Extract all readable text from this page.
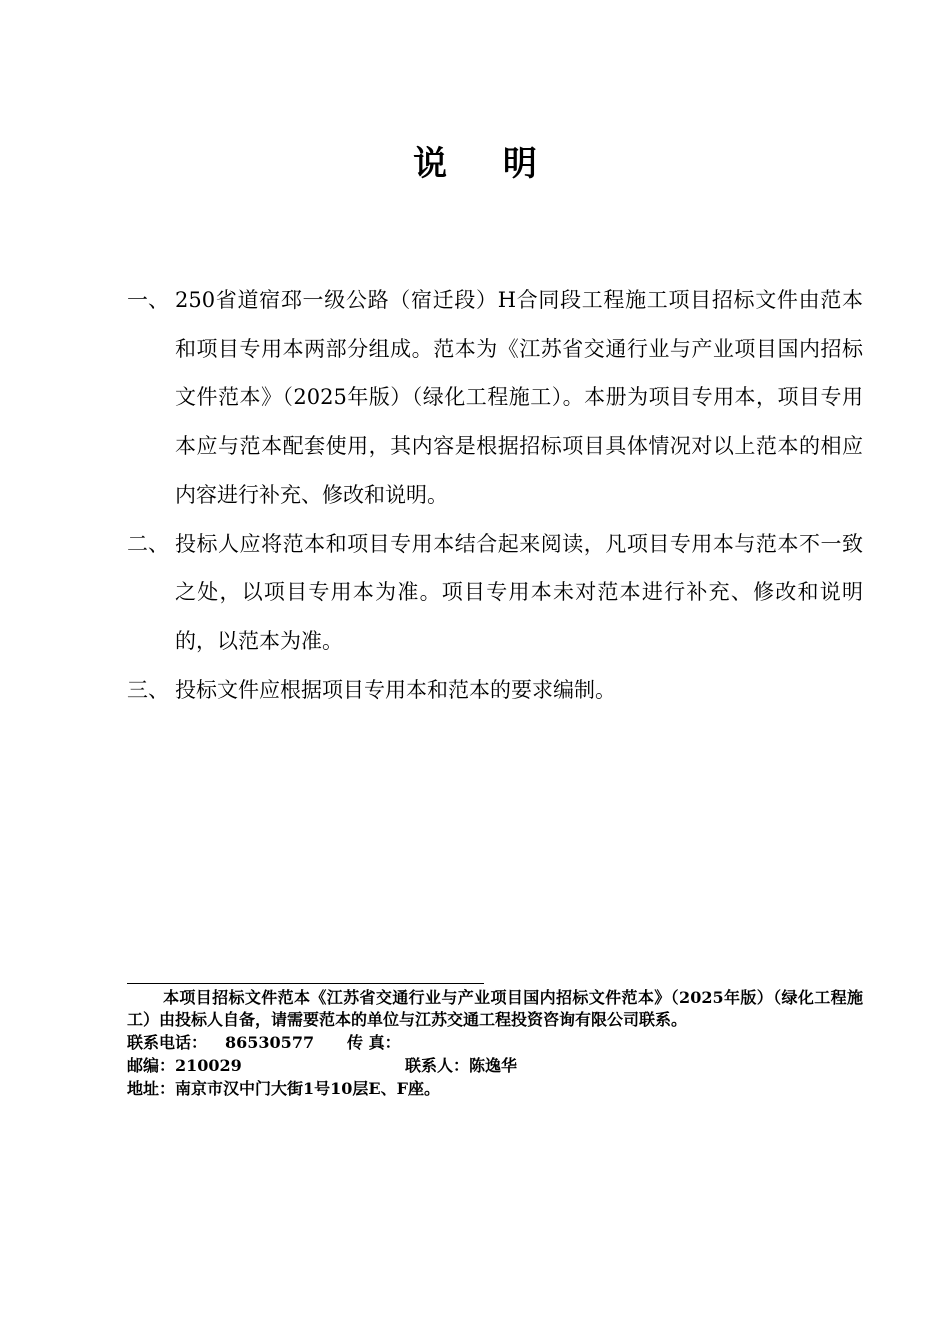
说 明

一、 250省道宿邳一级公路（宿迁段）H合同段工程施工项目招标文件由范本和项目专用本两部分组成。范本为《江苏省交通行业与产业项目国内招标文件范本》（2025年版）（绿化工程施工）。本册为项目专用本，项目专用本应与范本配套使用，其内容是根据招标项目具体情况对以上范本的相应内容进行补充、修改和说明。

二、 投标人应将范本和项目专用本结合起来阅读，凡项目专用本与范本不一致之处，以项目专用本为准。项目专用本未对范本进行补充、修改和说明的，以范本为准。

三、 投标文件应根据项目专用本和范本的要求编制。

本项目招标文件范本《江苏省交通行业与产业项目国内招标文件范本》（2025年版）（绿化工程施工）由投标人自备，请需要范本的单位与江苏交通工程投资咨询有限公司联系。

联系电话： 86530577	传 真：

邮编：210029	联系人：陈逸华

地址： 南京市汉中门大街1号10层E、F座。
